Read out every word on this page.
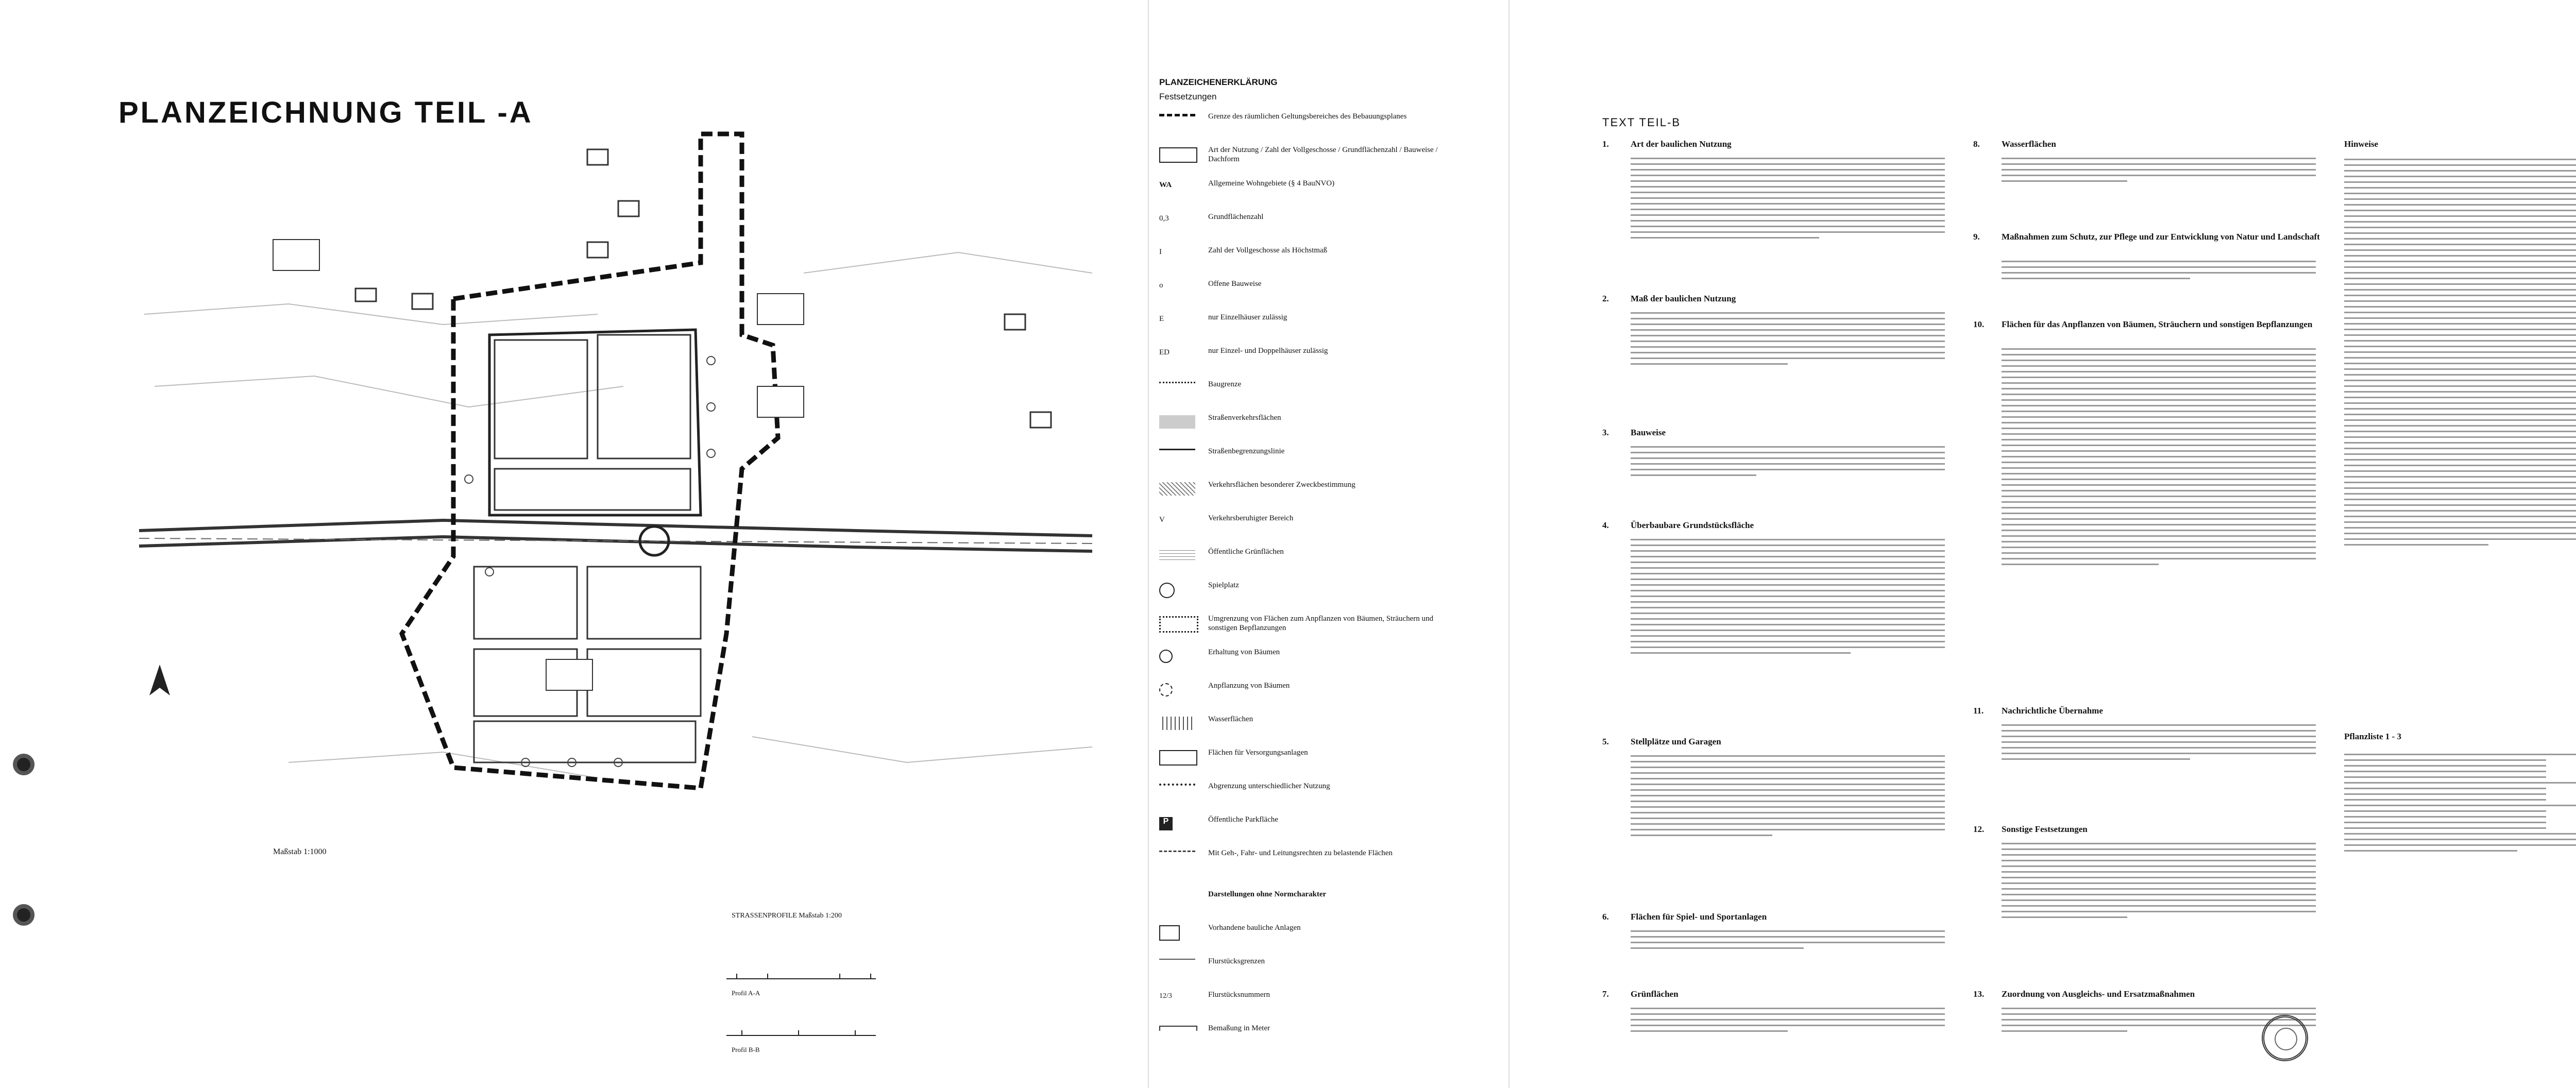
PLANZEICHNUNG TEIL -A
Maßstab 1:1000
STRASSENPROFILE Maßstab 1:200
Profil A-A
Profil B-B
PLANZEICHENERKLÄRUNG
Festsetzungen
Grenze des räumlichen Geltungsbereiches des Bebauungsplanes
Art der Nutzung / Zahl der Vollgeschosse / Grundflächenzahl / Bauweise / Dachform
WA	Allgemeine Wohngebiete (§ 4 BauNVO)
0,3	Grundflächenzahl
I	Zahl der Vollgeschosse als Höchstmaß
o	Offene Bauweise
E	nur Einzelhäuser zulässig
ED	nur Einzel- und Doppelhäuser zulässig
Baugrenze
Straßenverkehrsflächen
Straßenbegrenzungslinie
Verkehrsflächen besonderer Zweckbestimmung
V	Verkehrsberuhigter Bereich
Öffentliche Grünflächen
Spielplatz
Umgrenzung von Flächen zum Anpflanzen von Bäumen, Sträuchern und sonstigen Bepflanzungen
Erhaltung von Bäumen
Anpflanzung von Bäumen
Wasserflächen
Flächen für Versorgungsanlagen
Abgrenzung unterschiedlicher Nutzung
P	Öffentliche Parkfläche
Mit Geh-, Fahr- und Leitungsrechten zu belastende Flächen
Darstellungen ohne Normcharakter
Vorhandene bauliche Anlagen
Flurstücksgrenzen
12/3	Flurstücksnummern
Bemaßung in Meter
TEXT TEIL-B
1. Art der baulichen Nutzung
2. Maß der baulichen Nutzung
3. Bauweise
4. Überbaubare Grundstücksfläche
5. Stellplätze und Garagen
6. Flächen für Spiel- und Sportanlagen
7. Grünflächen
8. Wasserflächen
9. Maßnahmen zum Schutz, zur Pflege und zur Entwicklung von Natur und Landschaft
10. Flächen für das Anpflanzen von Bäumen, Sträuchern und sonstigen Bepflanzungen
11. Nachrichtliche Übernahme
12. Sonstige Festsetzungen
13. Zuordnung von Ausgleichs- und Ersatzmaßnahmen
Hinweise
Pflanzliste 1 - 3
